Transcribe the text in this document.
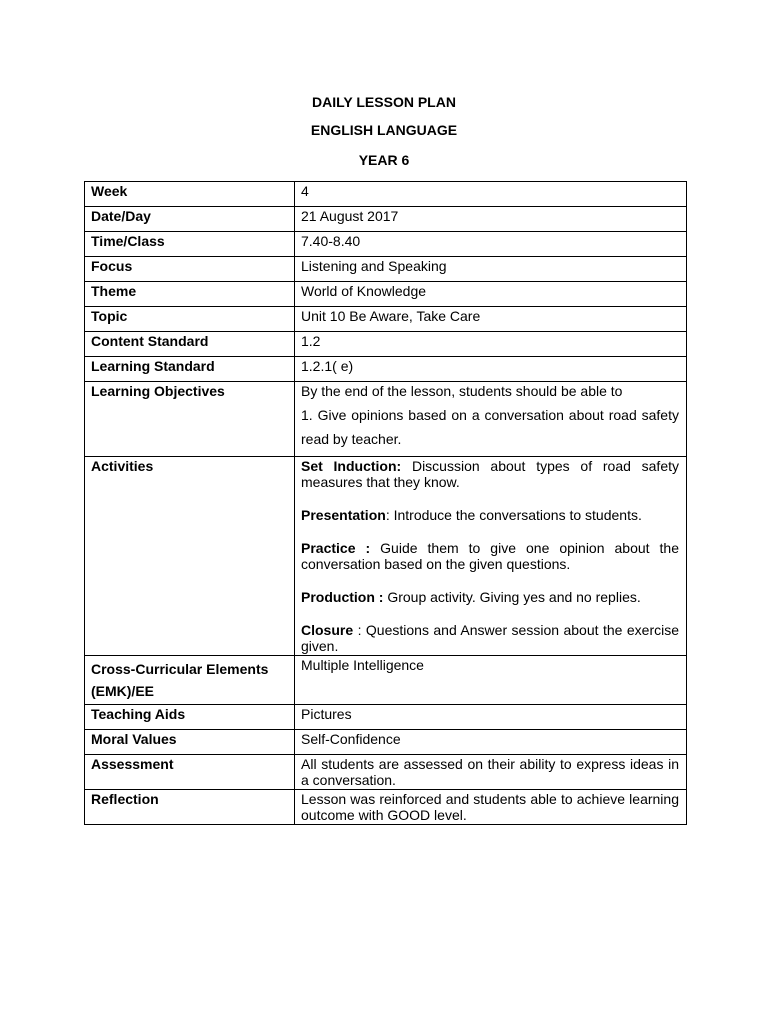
DAILY LESSON PLAN
ENGLISH LANGUAGE
YEAR 6
Week	4
Date/Day	21 August 2017
Time/Class	7.40-8.40
Focus	Listening and Speaking
Theme	World of Knowledge
Topic	Unit 10 Be Aware, Take Care
Content Standard	1.2
Learning Standard	1.2.1( e)
Learning Objectives	By the end of the lesson, students should be able to
1. Give opinions based on a conversation about road safety read by teacher.

Activities	Set Induction: Discussion about types of road safety measures that they know.
Presentation: Introduce the conversations to students.
Practice : Guide them to give one opinion about the conversation based on the given questions.
Production : Group activity. Giving yes and no replies.
Closure : Questions and Answer session about the exercise given.

Cross-Curricular Elements
(EMK)/EE	Multiple Intelligence
Teaching Aids	Pictures
Moral Values	Self-Confidence
Assessment	All students are assessed on their ability to express ideas in a conversation.
Reflection	Lesson was reinforced and students able to achieve learning outcome with GOOD level.
